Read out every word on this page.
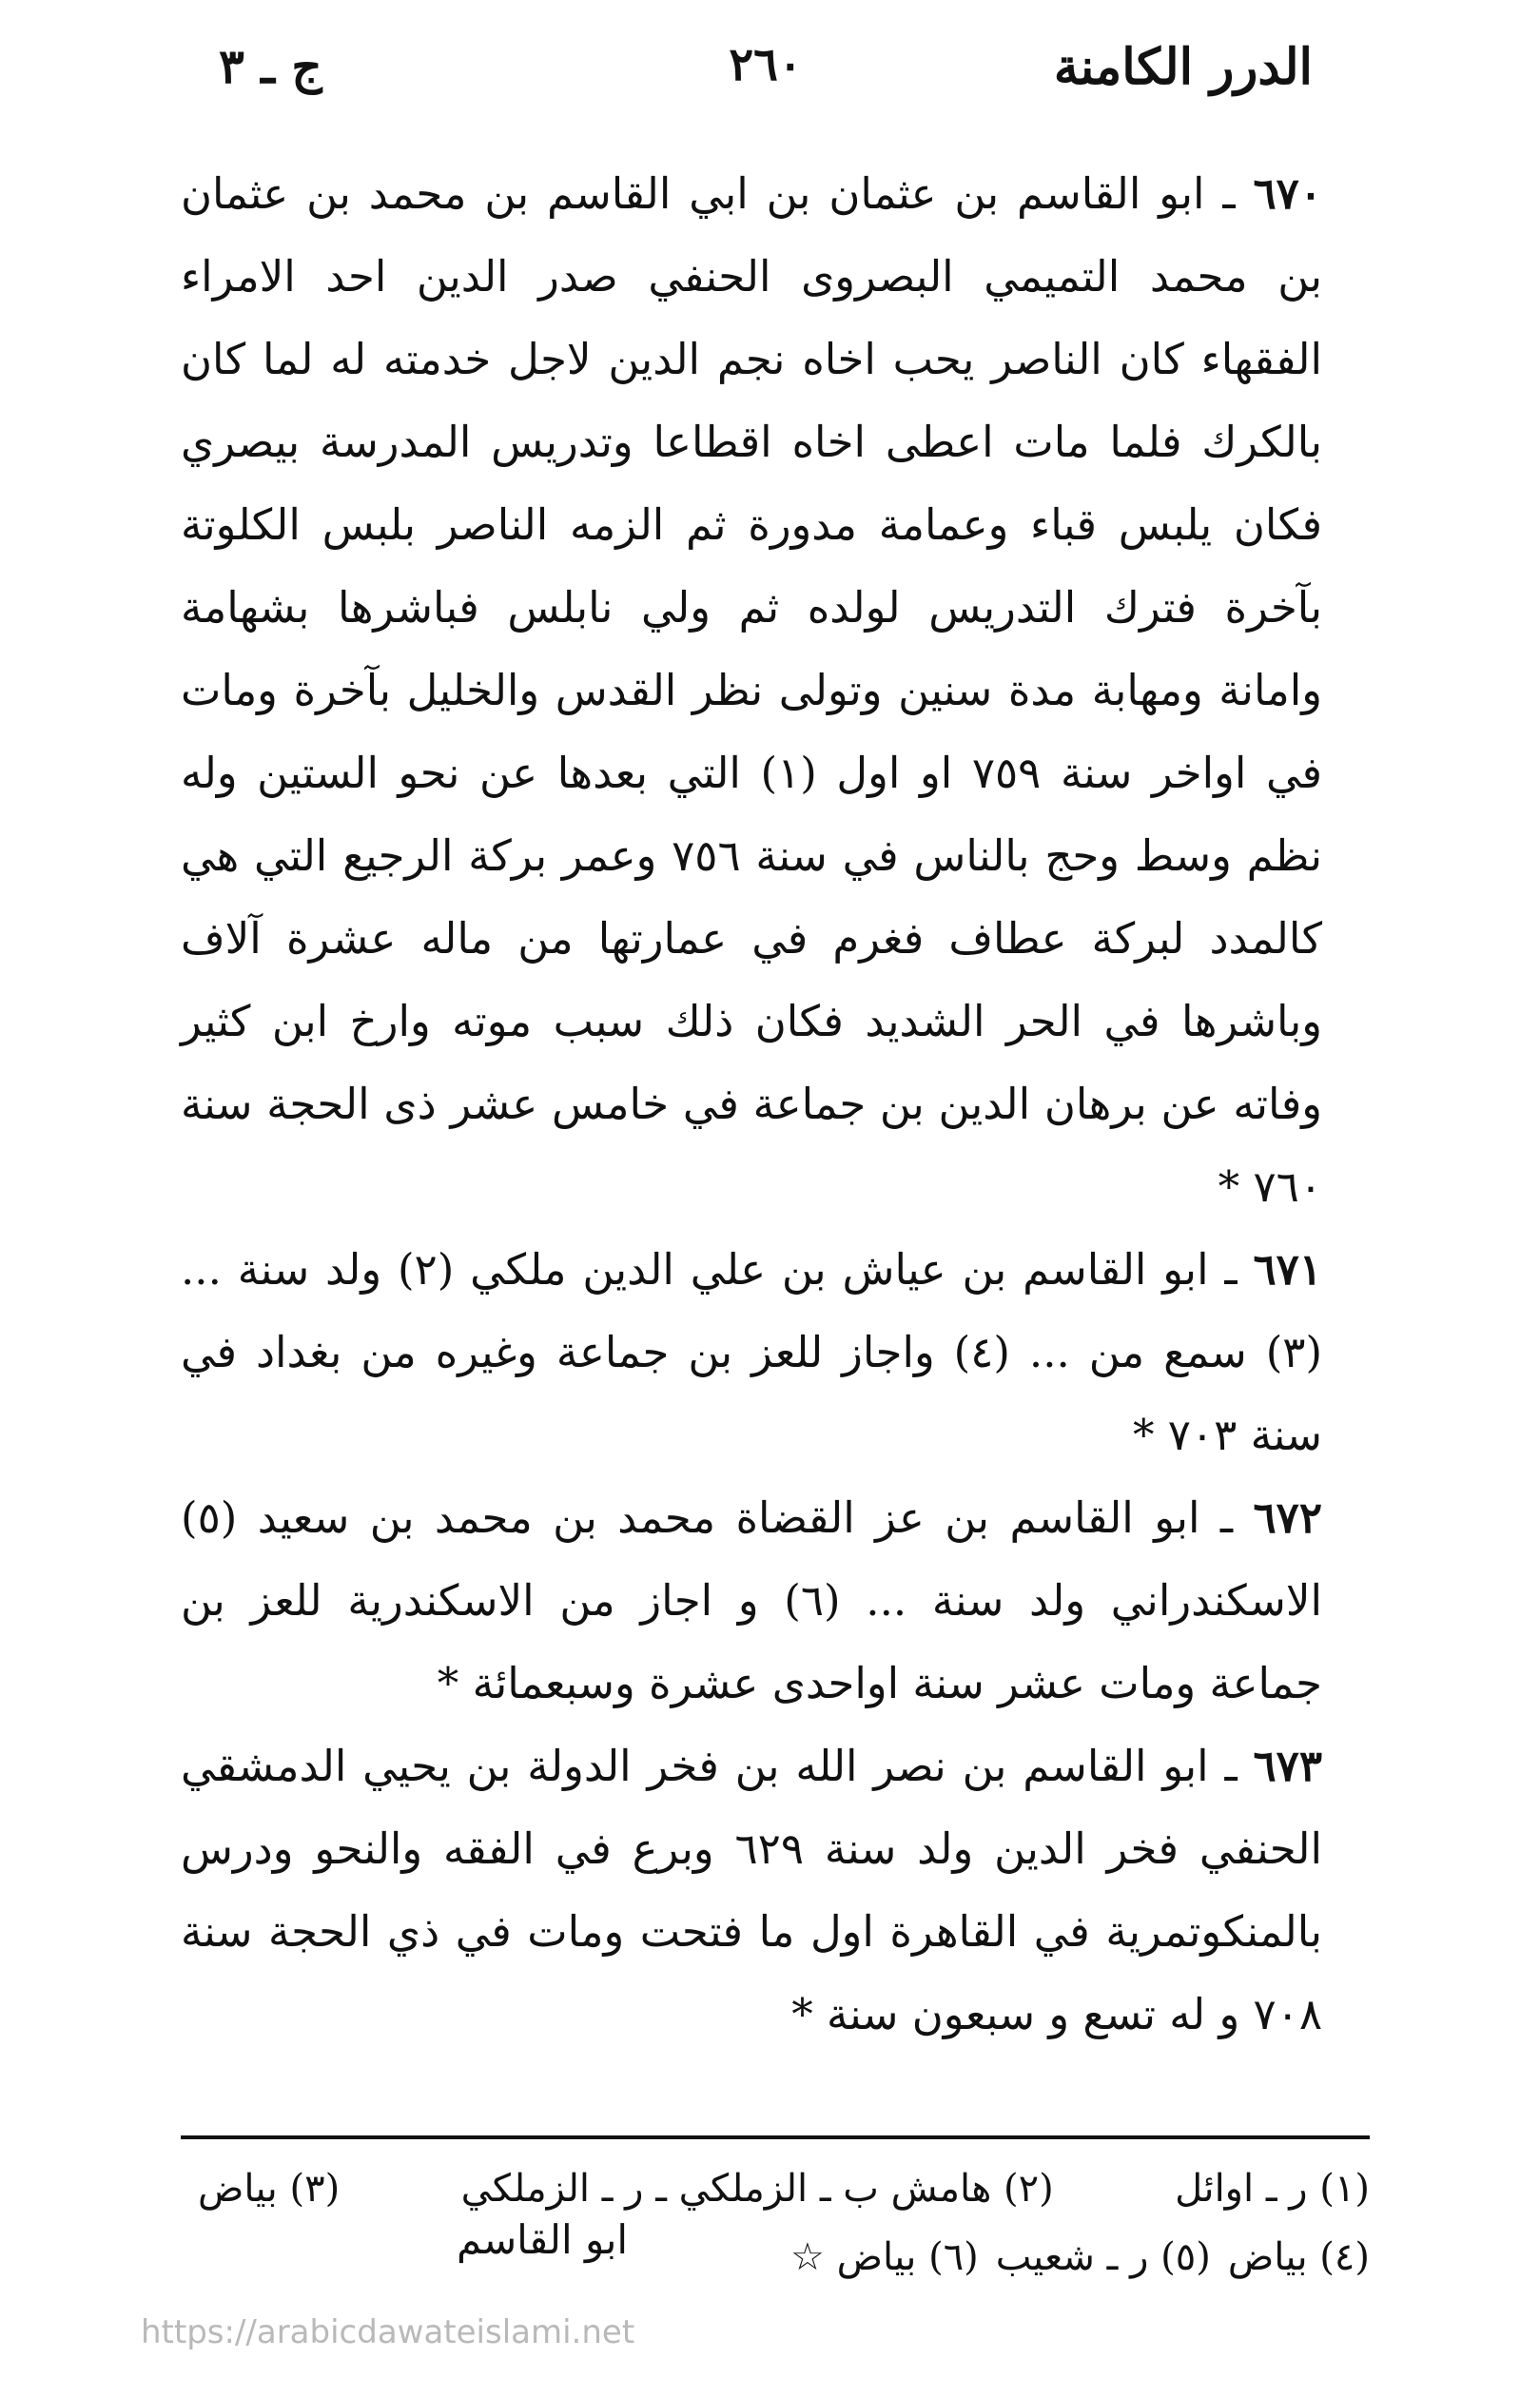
الدرر الكامنة
٢٦٠
ج ـ ٣

٦٧٠ ـ ابو القاسم بن عثمان بن ابي القاسم بن محمد بن عثمان بن محمد التميمي البصروى الحنفي صدر الدين احد الامراء الفقهاء كان الناصر يحب اخاه نجم الدين لاجل خدمته له لما كان بالكرك فلما مات اعطى اخاه اقطاعا وتدريس المدرسة بيصري فكان يلبس قباء وعمامة مدورة ثم الزمه الناصر بلبس الكلوتة بآخرة فترك التدريس لولده ثم ولي نابلس فباشرها بشهامة وامانة ومهابة مدة سنين وتولى نظر القدس والخليل بآخرة ومات في اواخر سنة ٧٥٩ او اول (١) التي بعدها عن نحو الستين وله نظم وسط وحج بالناس في سنة ٧٥٦ وعمر بركة الرجيع التي هي كالمدد لبركة عطاف فغرم في عمارتها من ماله عشرة آلاف وباشرها في الحر الشديد فكان ذلك سبب موته وارخ ابن كثير وفاته عن برهان الدين بن جماعة في خامس عشر ذى الحجة سنة ٧٦٠ *

٦٧١ ـ ابو القاسم بن عياش بن علي الدين ملكي (٢) ولد سنة ... (٣) سمع من ... (٤) واجاز للعز بن جماعة وغيره من بغداد في سنة ٧٠٣ *

٦٧٢ ـ ابو القاسم بن عز القضاة محمد بن محمد بن سعيد (٥) الاسكندراني ولد سنة ... (٦) و اجاز من الاسكندرية للعز بن جماعة ومات عشر سنة اواحدى عشرة وسبعمائة *

٦٧٣ ـ ابو القاسم بن نصر الله بن فخر الدولة بن يحيي الدمشقي الحنفي فخر الدين ولد سنة ٦٢٩ وبرع في الفقه والنحو ودرس بالمنكوتمرية في القاهرة اول ما فتحت ومات في ذي الحجة سنة ٧٠٨ و له تسع و سبعون سنة *

(١) ر ـ اوائل
(٢) هامش ب ـ الزملكي ـ ر ـ الزملكي
(٣) بياض
(٤) بياض
(٥) ر ـ شعيب
(٦) بياض ☆
ابو القاسم
https://arabicdawateislami.net
